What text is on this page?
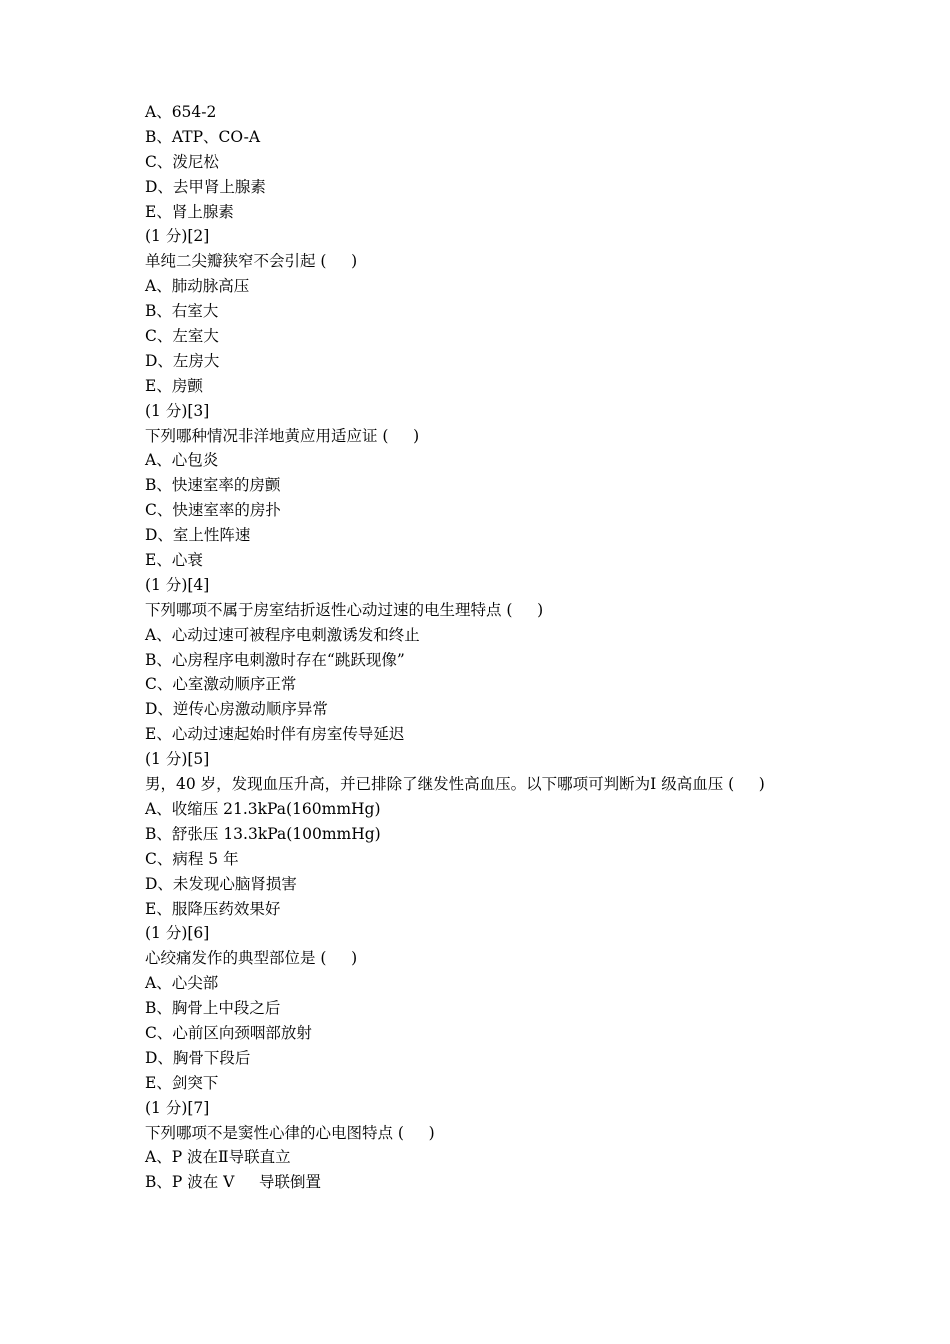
A、654-2
B、ATP、CO-A
C、泼尼松
D、去甲肾上腺素
E、肾上腺素
(1 分)[2]
单纯二尖瓣狭窄不会引起 (     )
A、肺动脉高压
B、右室大
C、左室大
D、左房大
E、房颤
(1 分)[3]
下列哪种情况非洋地黄应用适应证 (     )
A、心包炎
B、快速室率的房颤
C、快速室率的房扑
D、室上性阵速
E、心衰
(1 分)[4]
下列哪项不属于房室结折返性心动过速的电生理特点 (     )
A、心动过速可被程序电刺激诱发和终止
B、心房程序电刺激时存在“跳跃现像”
C、心室激动顺序正常
D、逆传心房激动顺序异常
E、心动过速起始时伴有房室传导延迟
(1 分)[5]
男，40 岁，发现血压升高，并已排除了继发性高血压。以下哪项可判断为Ⅰ 级高血压 (     )
A、收缩压 21.3kPa(160mmHg)
B、舒张压 13.3kPa(100mmHg)
C、病程 5 年
D、未发现心脑肾损害
E、服降压药效果好
(1 分)[6]
心绞痛发作的典型部位是 (     )
A、心尖部
B、胸骨上中段之后
C、心前区向颈咽部放射
D、胸骨下段后
E、剑突下
(1 分)[7]
下列哪项不是窦性心律的心电图特点 (     )
A、P 波在Ⅱ导联直立
B、P 波在 V     导联倒置
